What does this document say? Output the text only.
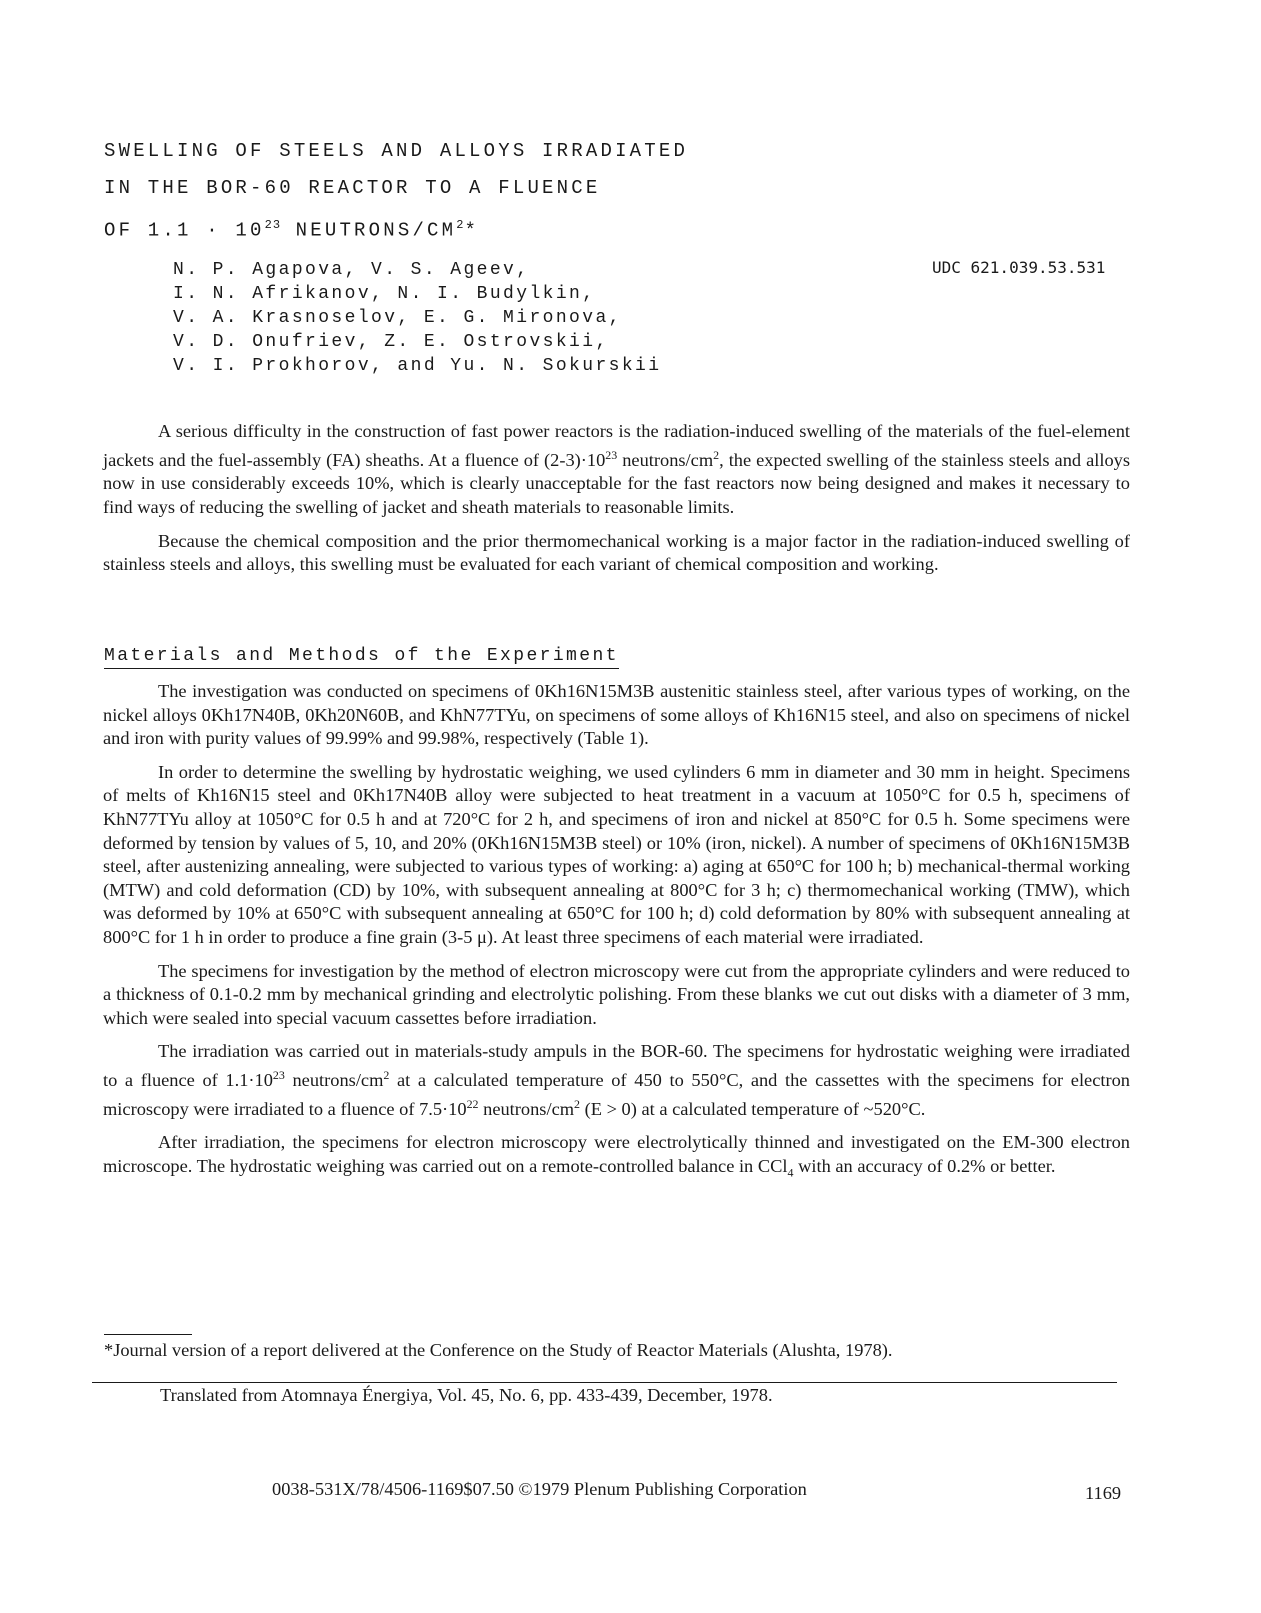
SWELLING OF STEELS AND ALLOYS IRRADIATED
IN THE BOR-60 REACTOR TO A FLUENCE
OF $1.1 \cdot 10^{23}$ NEUTRONS/$CM^2*$
N. P. Agapova, V. S. Ageev,
I. N. Afrikanov, N. I. Budylkin,
V. A. Krasnoselov, E. G. Mironova,
V. D. Onufriev, Z. E. Ostrovskii,
V. I. Prokhorov, and Yu. N. Sokurskii
UDC 621.039.53.531

A serious difficulty in the construction of fast power reactors is the radiation-induced swelling of the materials of the fuel-element jackets and the fuel-assembly (FA) sheaths. At a fluence of $(2-3)\cdot 10^{23}$ neutrons/$cm^2$, the expected swelling of the stainless steels and alloys now in use considerably exceeds 10%, which is clearly unacceptable for the fast reactors now being designed and makes it necessary to find ways of reducing the swelling of jacket and sheath materials to reasonable limits.

Because the chemical composition and the prior thermomechanical working is a major factor in the radiation-induced swelling of stainless steels and alloys, this swelling must be evaluated for each variant of chemical composition and working.

Materials and Methods of the Experiment

The investigation was conducted on specimens of 0Kh16N15M3B austenitic stainless steel, after various types of working, on the nickel alloys 0Kh17N40B, 0Kh20N60B, and KhN77TYu, on specimens of some alloys of Kh16N15 steel, and also on specimens of nickel and iron with purity values of 99.99% and 99.98%, respectively (Table 1).

In order to determine the swelling by hydrostatic weighing, we used cylinders 6 mm in diameter and 30 mm in height. Specimens of melts of Kh16N15 steel and 0Kh17N40B alloy were subjected to heat treatment in a vacuum at 1050°C for 0.5 h, specimens of KhN77TYu alloy at 1050°C for 0.5 h and at 720°C for 2 h, and specimens of iron and nickel at 850°C for 0.5 h. Some specimens were deformed by tension by values of 5, 10, and 20% (0Kh16N15M3B steel) or 10% (iron, nickel). A number of specimens of 0Kh16N15M3B steel, after austenizing annealing, were subjected to various types of working: a) aging at 650°C for 100 h; b) mechanical-thermal working (MTW) and cold deformation (CD) by 10%, with subsequent annealing at 800°C for 3 h; c) thermomechanical working (TMW), which was deformed by 10% at 650°C with subsequent annealing at 650°C for 100 h; d) cold deformation by 80% with subsequent annealing at 800°C for 1 h in order to produce a fine grain (3-5 μ). At least three specimens of each material were irradiated.

The specimens for investigation by the method of electron microscopy were cut from the appropriate cylinders and were reduced to a thickness of 0.1-0.2 mm by mechanical grinding and electrolytic polishing. From these blanks we cut out disks with a diameter of 3 mm, which were sealed into special vacuum cassettes before irradiation.

The irradiation was carried out in materials-study ampuls in the BOR-60. The specimens for hydrostatic weighing were irradiated to a fluence of $1.1\cdot 10^{23}$ neutrons/$cm^2$ at a calculated temperature of 450 to 550°C, and the cassettes with the specimens for electron microscopy were irradiated to a fluence of $7.5\cdot 10^{22}$ neutrons/$cm^2$ (E > 0) at a calculated temperature of ~520°C.

After irradiation, the specimens for electron microscopy were electrolytically thinned and investigated on the EM-300 electron microscope. The hydrostatic weighing was carried out on a remote-controlled balance in CCl$_4$ with an accuracy of 0.2% or better.

*Journal version of a report delivered at the Conference on the Study of Reactor Materials (Alushta, 1978).
Translated from Atomnaya Énergiya, Vol. 45, No. 6, pp. 433-439, December, 1978.
0038-531X/78/4506-1169$07.50 ©1979 Plenum Publishing Corporation	1169
